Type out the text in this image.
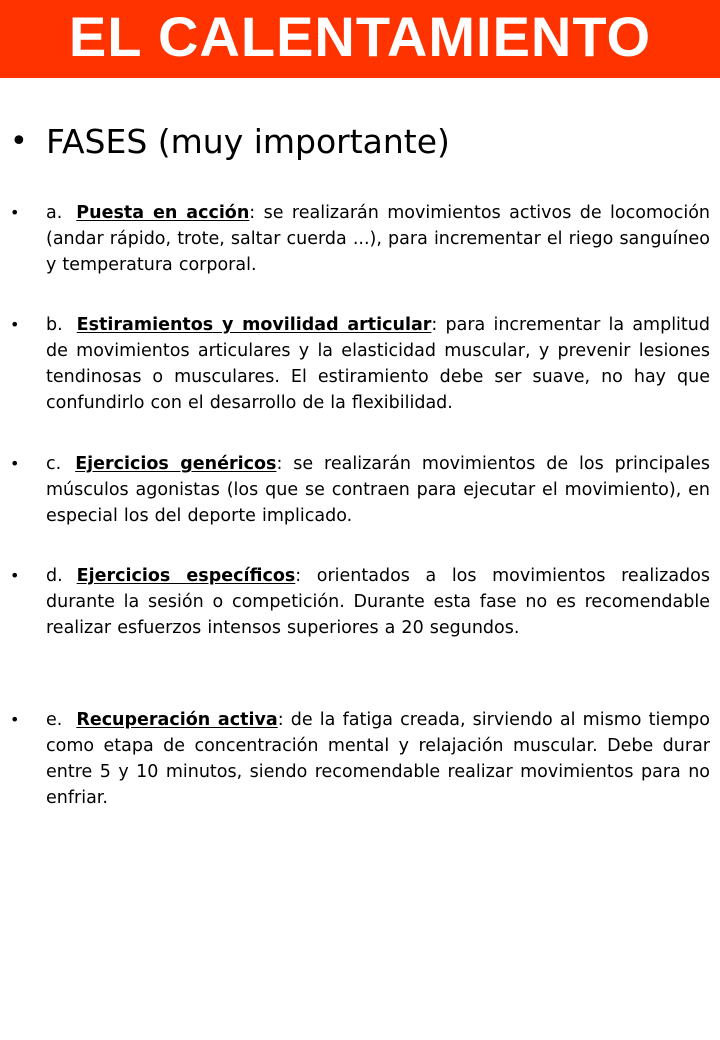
EL CALENTAMIENTO
• FASES (muy importante)
• a. Puesta en acción: se realizarán movimientos activos de locomoción (andar rápido, trote, saltar cuerda ...), para incrementar el riego sanguíneo y temperatura corporal.
• b. Estiramientos y movilidad articular: para incrementar la amplitud de movimientos articulares y la elasticidad muscular, y prevenir lesiones tendinosas o musculares. El estiramiento debe ser suave, no hay que confundirlo con el desarrollo de la flexibilidad.
• c. Ejercicios genéricos: se realizarán movimientos de los principales músculos agonistas (los que se contraen para ejecutar el movimiento), en especial los del deporte implicado.
• d. Ejercicios específicos: orientados a los movimientos realizados durante la sesión o competición. Durante esta fase no es recomendable realizar esfuerzos intensos superiores a 20 segundos.
• e. Recuperación activa: de la fatiga creada, sirviendo al mismo tiempo como etapa de concentración mental y relajación muscular. Debe durar entre 5 y 10 minutos, siendo recomendable realizar movimientos para no enfriar.
